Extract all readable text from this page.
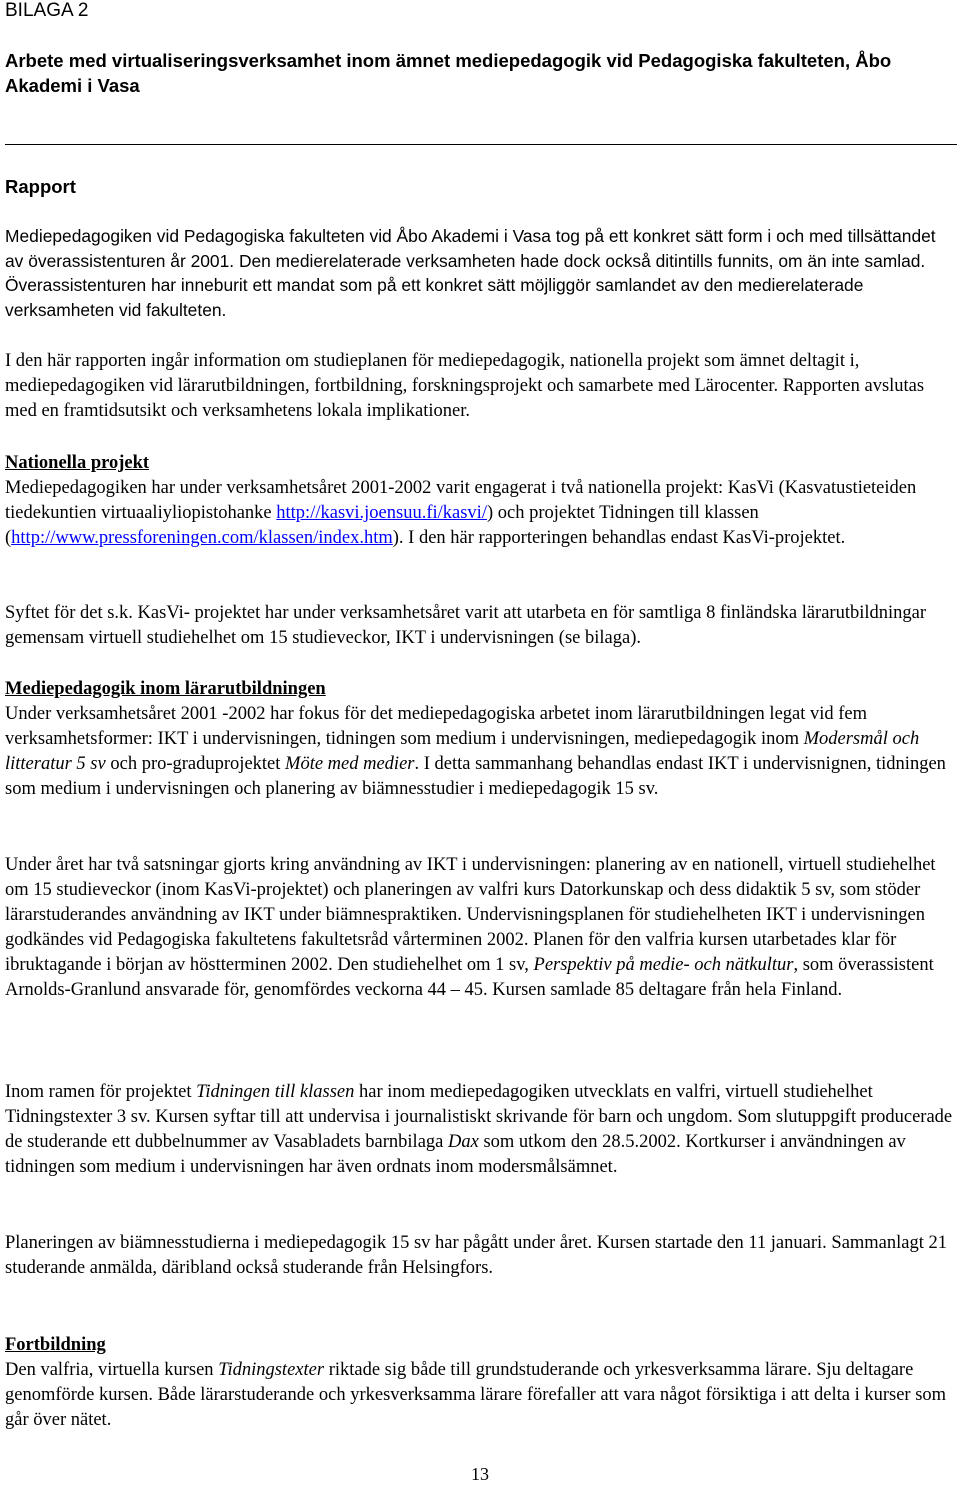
BILAGA 2
Arbete med virtualiseringsverksamhet inom ämnet mediepedagogik vid Pedagogiska fakulteten, Åbo Akademi i Vasa
Rapport
Mediepedagogiken vid Pedagogiska fakulteten vid Åbo Akademi i Vasa tog på ett konkret sätt form i och med tillsättandet av överassistenturen år 2001. Den medierelaterade verksamheten hade dock också ditintills funnits, om än inte samlad. Överassistenturen har inneburit ett mandat som på ett konkret sätt möjliggör samlandet av den medierelaterade verksamheten vid fakulteten.
I den här rapporten ingår information om studieplanen för mediepedagogik, nationella projekt som ämnet deltagit i, mediepedagogiken vid lärarutbildningen, fortbildning, forskningsprojekt och samarbete med Lärocenter. Rapporten avslutas med en framtidsutsikt och verksamhetens lokala implikationer.
Nationella projekt
Mediepedagogiken har under verksamhetsåret 2001-2002 varit engagerat i två nationella projekt: KasVi (Kasvatustieteiden tiedekuntien virtuaaliyliopistohanke http://kasvi.joensuu.fi/kasvi/) och projektet Tidningen till klassen (http://www.pressforeningen.com/klassen/index.htm). I den här rapporteringen behandlas endast KasVi-projektet.
Syftet för det s.k. KasVi- projektet har under verksamhetsåret varit att utarbeta en för samtliga 8 finländska lärarutbildningar gemensam virtuell studiehelhet om 15 studieveckor, IKT i undervisningen (se bilaga).
Mediepedagogik inom lärarutbildningen
Under verksamhetsåret 2001 -2002 har fokus för det mediepedagogiska arbetet inom lärarutbildningen legat vid fem verksamhetsformer: IKT i undervisningen, tidningen som medium i undervisningen, mediepedagogik inom Modersmål och litteratur 5 sv och pro-graduprojektet Möte med medier. I detta sammanhang behandlas endast IKT i undervisnignen, tidningen som medium i undervisningen och planering av biämnesstudier i mediepedagogik 15 sv.
Under året har två satsningar gjorts kring användning av IKT i undervisningen: planering av en nationell, virtuell studiehelhet om 15 studieveckor (inom KasVi-projektet) och planeringen av valfri kurs Datorkunskap och dess didaktik 5 sv, som stöder lärarstuderandes användning av IKT under biämnespraktiken. Undervisningsplanen för studiehelheten IKT i undervisningen godkändes vid Pedagogiska fakultetens fakultetsråd vårterminen 2002. Planen för den valfria kursen utarbetades klar för ibruktagande i början av höstterminen 2002. Den studiehelhet om 1 sv, Perspektiv på medie- och nätkultur, som överassistent Arnolds-Granlund ansvarade för, genomfördes veckorna 44 – 45. Kursen samlade 85 deltagare från hela Finland.
Inom ramen för projektet Tidningen till klassen har inom mediepedagogiken utvecklats en valfri, virtuell studiehelhet Tidningstexter 3 sv. Kursen syftar till att undervisa i journalistiskt skrivande för barn och ungdom. Som slutuppgift producerade de studerande ett dubbelnummer av Vasabladets barnbilaga Dax som utkom den 28.5.2002. Kortkurser i användningen av tidningen som medium i undervisningen har även ordnats inom modersmålsämnet.
Planeringen av biämnesstudierna i mediepedagogik 15 sv har pågått under året. Kursen startade den 11 januari. Sammanlagt 21 studerande anmälda, däribland också studerande från Helsingfors.
Fortbildning
Den valfria, virtuella kursen Tidningstexter riktade sig både till grundstuderande och yrkesverksamma lärare. Sju deltagare genomförde kursen. Både lärarstuderande och yrkesverksamma lärare förefaller att vara något försiktiga i att delta i kurser som går över nätet.
13
